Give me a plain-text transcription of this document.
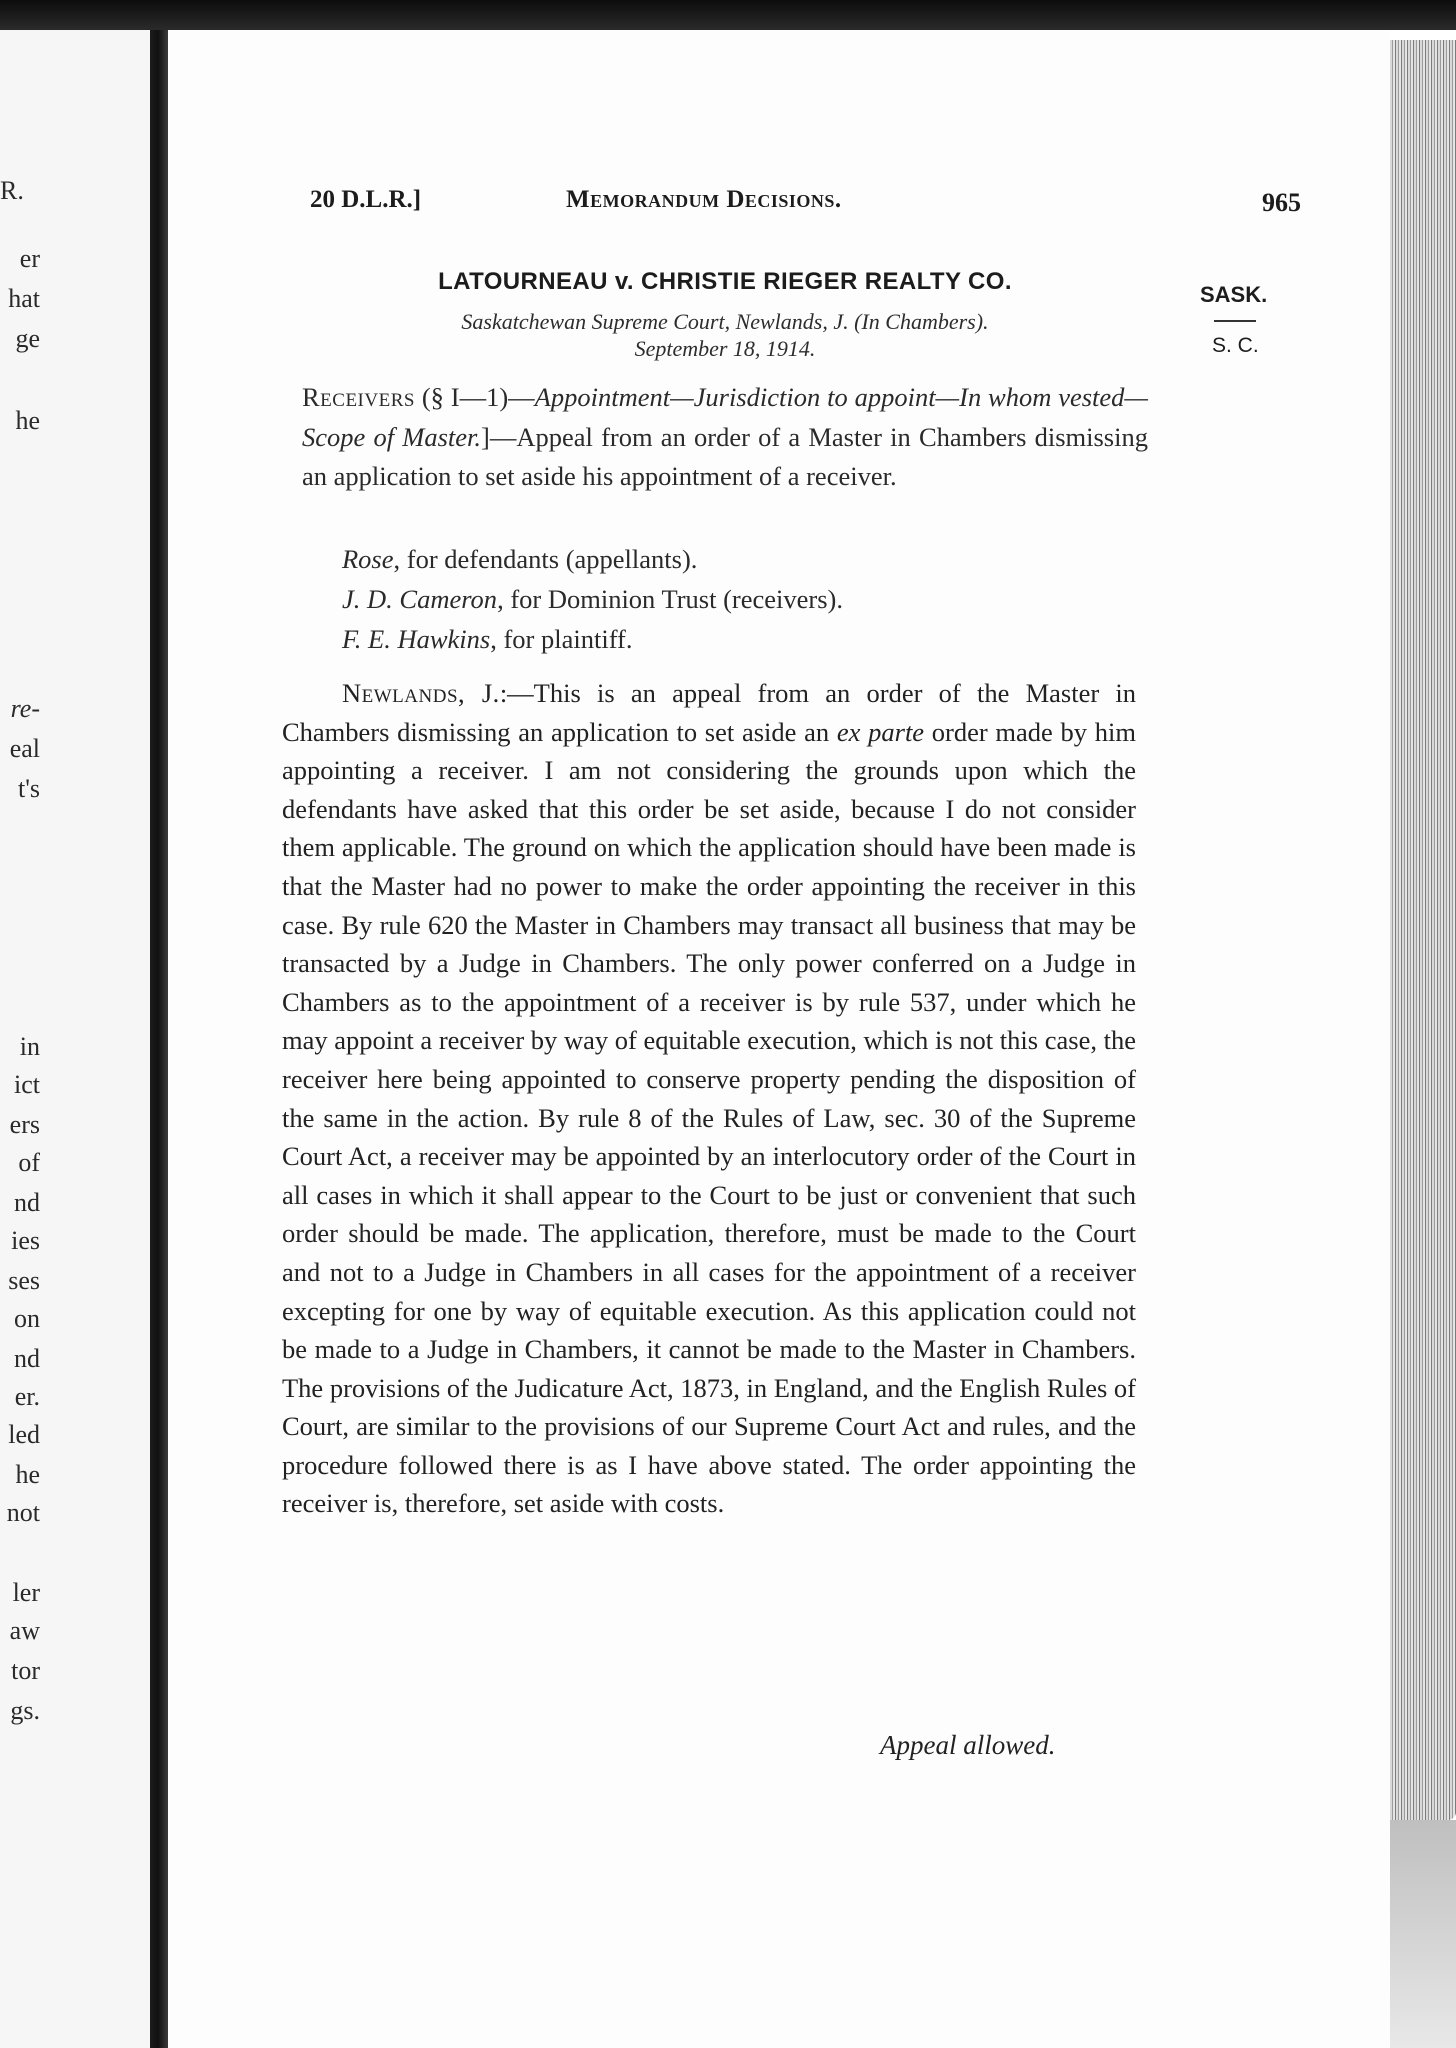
R.
er
hat
ge
he
re-
eal
t's
in
ict
ers
of
nd
ies
ses
on
nd
er.
led
he
not
ler
aw
tor
gs.
20 D.L.R.]	Memorandum Decisions.	965
SASK.
S. C.
LATOURNEAU v. CHRISTIE RIEGER REALTY CO.
Saskatchewan Supreme Court, Newlands, J. (In Chambers).
September 18, 1914.
Receivers (§ I—1)—Appointment—Jurisdiction to appoint—In whom vested—Scope of Master.]—Appeal from an order of a Master in Chambers dismissing an application to set aside his appointment of a receiver.
Rose, for defendants (appellants).
J. D. Cameron, for Dominion Trust (receivers).
F. E. Hawkins, for plaintiff.

Newlands, J.:—This is an appeal from an order of the Master in Chambers dismissing an application to set aside an ex parte order made by him appointing a receiver. I am not considering the grounds upon which the defendants have asked that this order be set aside, because I do not consider them applicable. The ground on which the application should have been made is that the Master had no power to make the order appointing the receiver in this case. By rule 620 the Master in Chambers may transact all business that may be transacted by a Judge in Chambers. The only power conferred on a Judge in Chambers as to the appointment of a receiver is by rule 537, under which he may appoint a receiver by way of equitable execution, which is not this case, the receiver here being appointed to conserve property pending the disposition of the same in the action. By rule 8 of the Rules of Law, sec. 30 of the Supreme Court Act, a receiver may be appointed by an interlocutory order of the Court in all cases in which it shall appear to the Court to be just or convenient that such order should be made. The application, therefore, must be made to the Court and not to a Judge in Chambers in all cases for the appointment of a receiver excepting for one by way of equitable execution. As this application could not be made to a Judge in Chambers, it cannot be made to the Master in Chambers. The provisions of the Judicature Act, 1873, in England, and the English Rules of Court, are similar to the provisions of our Supreme Court Act and rules, and the procedure followed there is as I have above stated. The order appointing the receiver is, therefore, set aside with costs.

Appeal allowed.
